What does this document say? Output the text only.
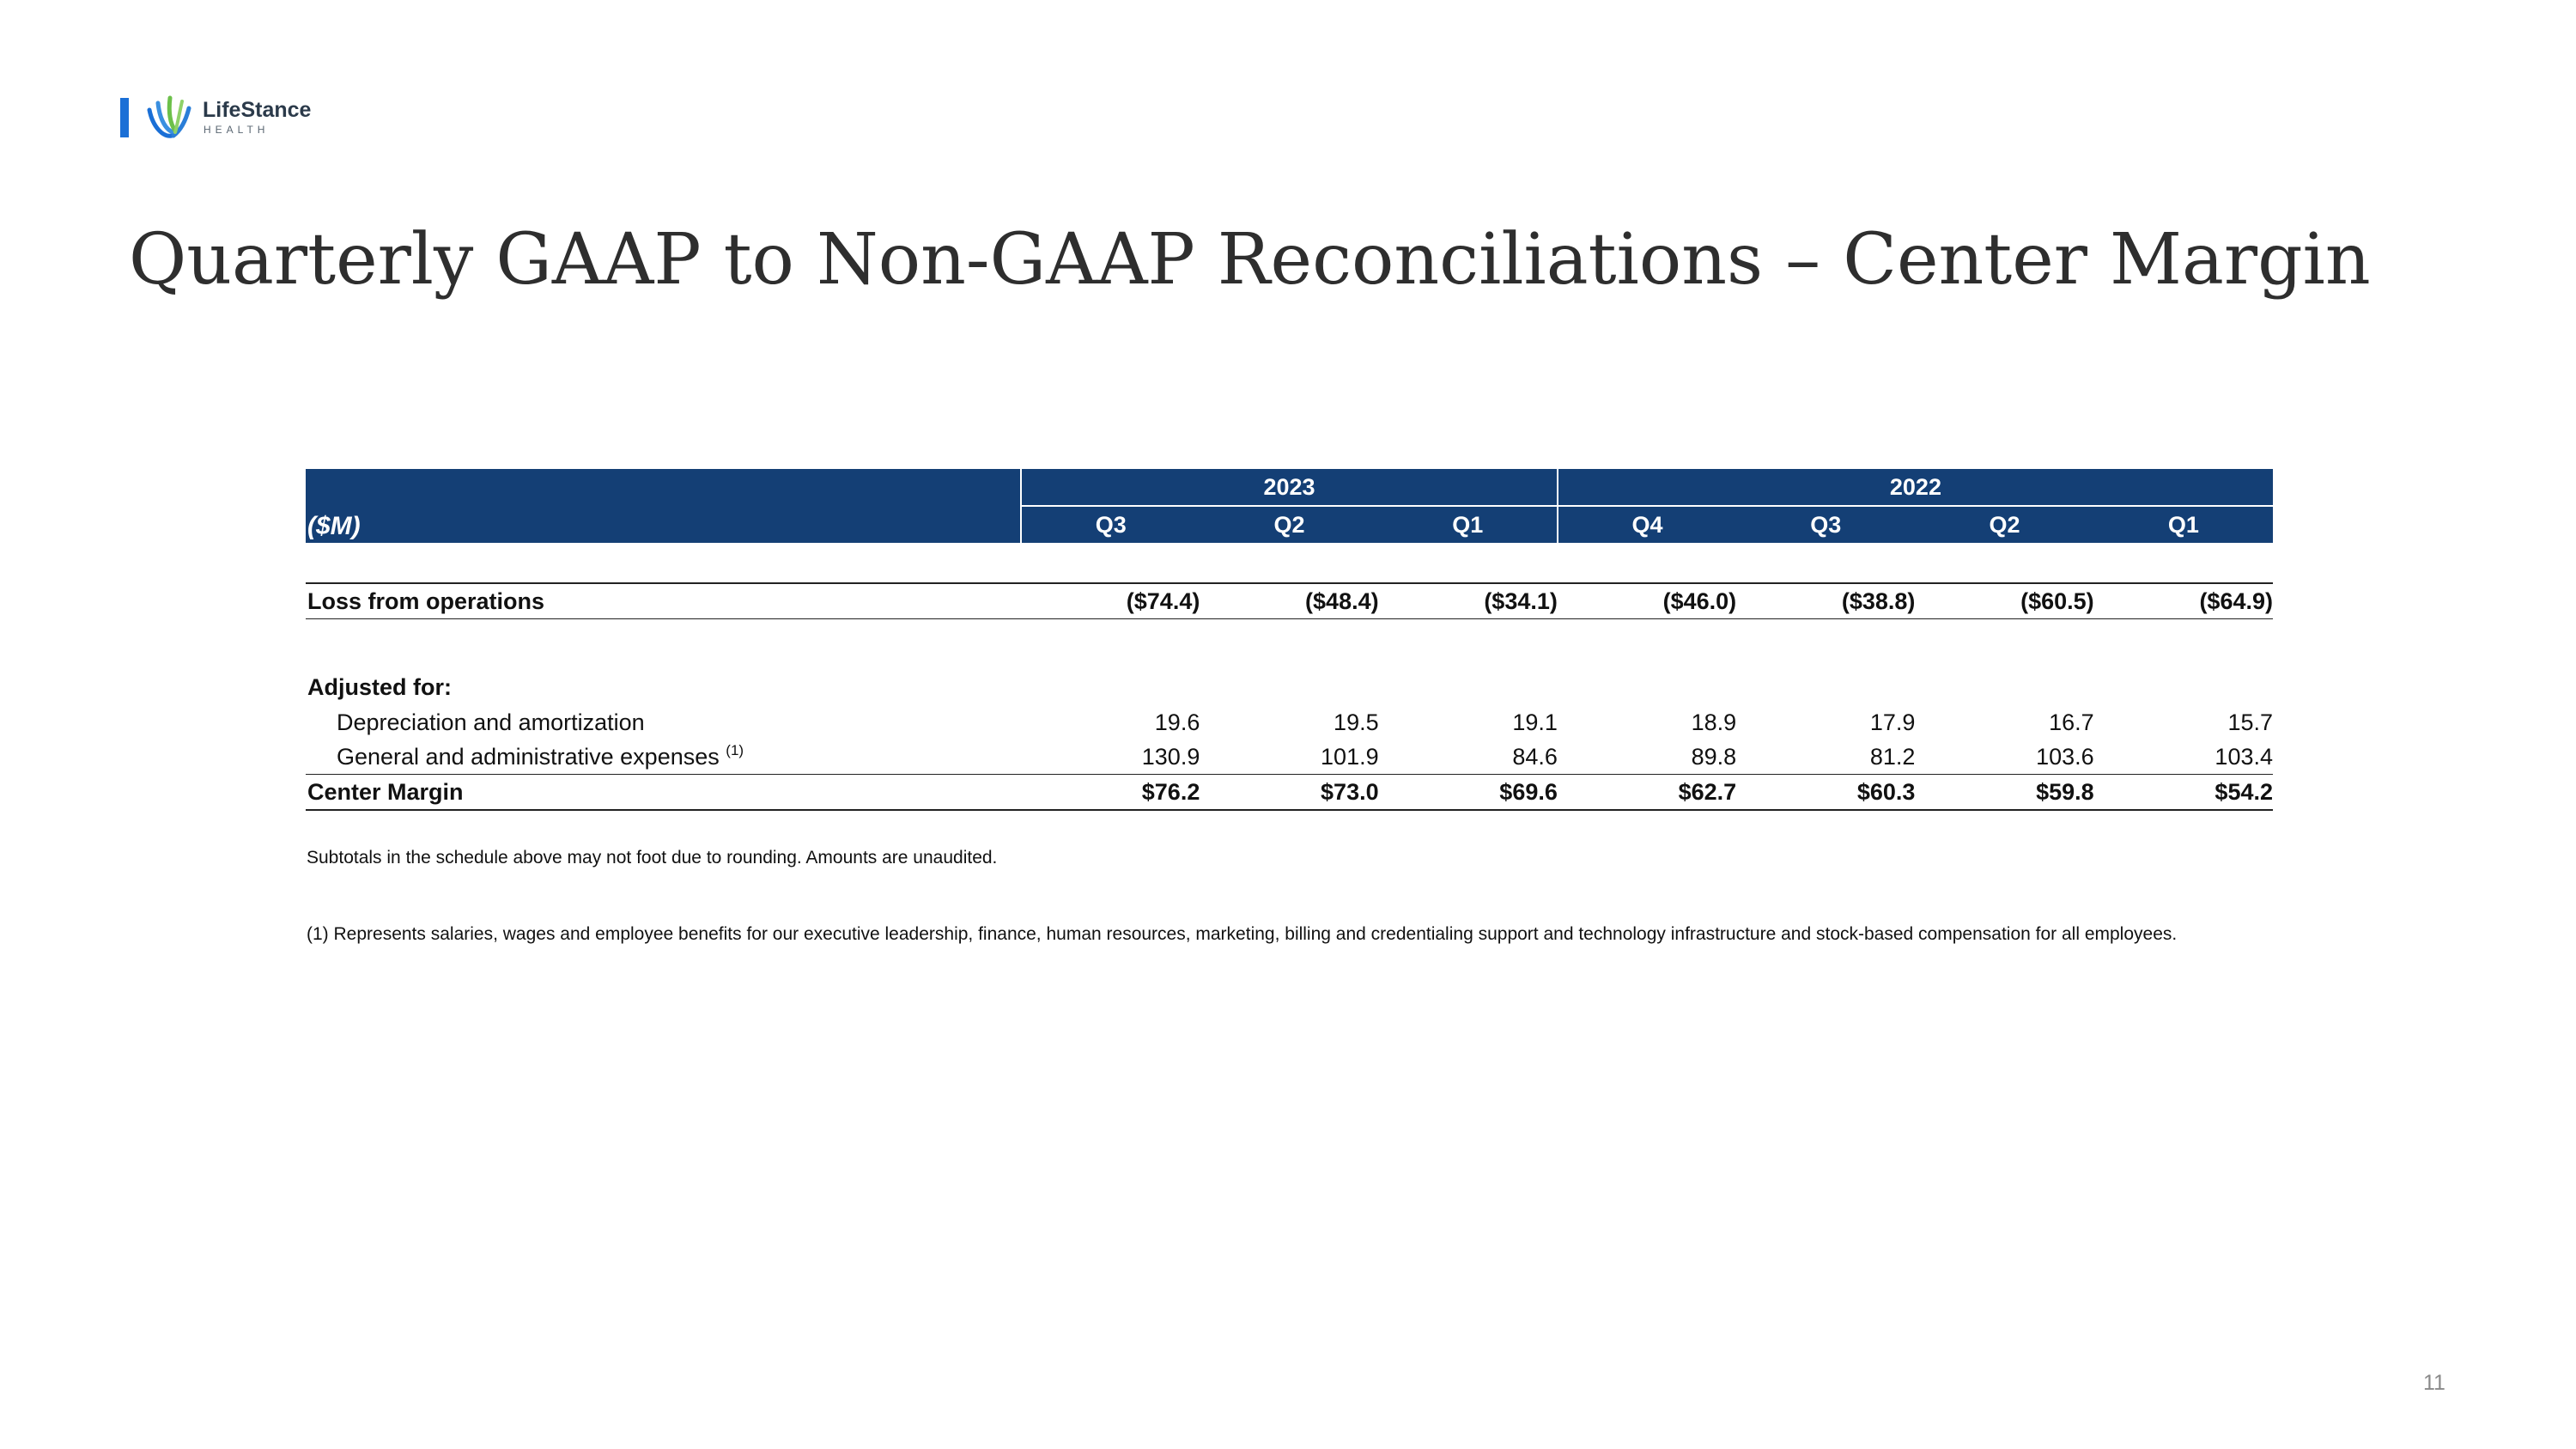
LifeStance
HEALTH
Quarterly GAAP to Non-GAAP Reconciliations – Center Margin
($M)	2023			2022			
	Q3	Q2	Q1	Q4	Q3	Q2	Q1

Loss from operations	($74.4)	($48.4)	($34.1)	($46.0)	($38.8)	($60.5)	($64.9)

Adjusted for:							
Depreciation and amortization	19.6	19.5	19.1	18.9	17.9	16.7	15.7
General and administrative expenses $^{(1)}$	130.9	101.9	84.6	89.8	81.2	103.6	103.4
Center Margin	$76.2	$73.0	$69.6	$62.7	$60.3	$59.8	$54.2
Subtotals in the schedule above may not foot due to rounding. Amounts are unaudited.
(1) Represents salaries, wages and employee benefits for our executive leadership, finance, human resources, marketing, billing and credentialing support and technology infrastructure and stock-based compensation for all employees.
11
